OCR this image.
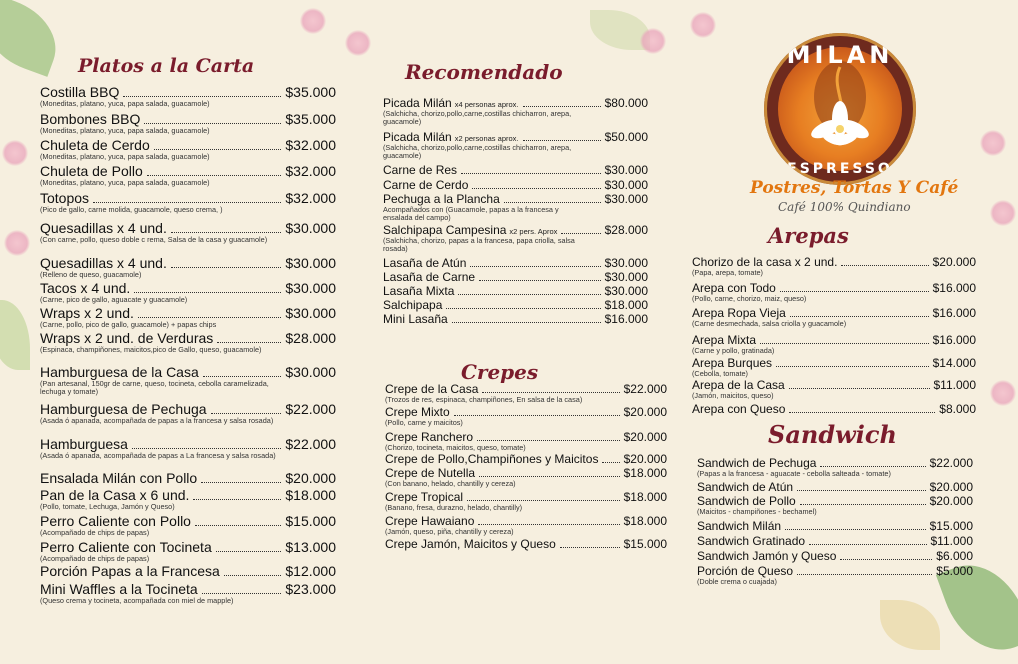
Platos a la Carta
Costilla BBQ	$35.000
(Moneditas, platano, yuca, papa salada, guacamole)
Bombones BBQ	$35.000
(Moneditas, platano, yuca, papa salada, guacamole)
Chuleta de Cerdo	$32.000
(Moneditas, platano, yuca, papa salada, guacamole)
Chuleta de Pollo	$32.000
(Moneditas, platano, yuca, papa salada, guacamole)
Totopos	$32.000
(Pico de gallo, carne molida, guacamole, queso crema, )
Quesadillas x 4 und.	$30.000
(Con carne, pollo, queso doble c rema, Salsa de la casa y guacamole)
Quesadillas x 4 und.	$30.000
(Relleno de queso, guacamole)
Tacos x 4 und.	$30.000
(Carne, pico de gallo, aguacate y guacamole)
Wraps x 2 und.	$30.000
(Carne, pollo, pico de gallo, guacamole) + papas chips
Wraps x 2 und. de Verduras	$28.000
(Espinaca, champiñones, maicitos,pico de Gallo, queso, guacamole)
Hamburguesa de la Casa	$30.000
(Pan artesanal, 150gr de carne, queso, tocineta, cebolla caramelizada, lechuga y tomate)
Hamburguesa de Pechuga	$22.000
(Asada ó apanada, acompañada de papas a la francesa y salsa rosada)
Hamburguesa	$22.000
(Asada ó apanada, acompañada de papas a La francesa y salsa rosada)
Ensalada Milán con Pollo	$20.000
Pan de la Casa x 6 und.	$18.000
(Pollo, tomate, Lechuga, Jamón y Queso)
Perro Caliente con Pollo	$15.000
(Acompañado de chips de papas)
Perro Caliente con Tocineta	$13.000
(Acompañado de chips de papas)
Porción Papas a la Francesa	$12.000
Mini Waffles a la Tocineta	$23.000
(Queso crema y tocineta, acompañada con miel de mapple)
Recomendado
Picada Milán x4 personas aprox.	$80.000
(Salchicha, chorizo,pollo,carne,costillas chicharron, arepa, guacamole)
Picada Milán x2 personas aprox.	$50.000
(Salchicha, chorizo,pollo,carne,costillas chicharron, arepa, guacamole)
Carne de Res	$30.000
Carne de Cerdo	$30.000
Pechuga a la Plancha	$30.000
Acompañados con (Guacamole, papas a la francesa y ensalada del campo)
Salchipapa Campesina x2 pers. Aprox	$28.000
(Salchicha, chorizo, papas a la francesa, papa criolla, salsa rosada)
Lasaña de Atún	$30.000
Lasaña de Carne	$30.000
Lasaña Mixta	$30.000
Salchipapa	$18.000
Mini Lasaña	$16.000
Crepes
Crepe de la Casa	$22.000
(Trozos de res, espinaca, champiñones, En salsa de la casa)
Crepe Mixto	$20.000
(Pollo, carne y maicitos)
Crepe Ranchero	$20.000
(Chorizo, tocineta, maicitos, queso, tomate)
Crepe de Pollo,Champiñones y Maicitos $20.000
Crepe de Nutella	$18.000
(Con banano, helado, chantilly y cereza)
Crepe Tropical	$18.000
(Banano, fresa, durazno, helado, chantilly)
Crepe Hawaiano	$18.000
(Jamón, queso, piña, chantilly y cereza)
Crepe Jamón, Maicitos y Queso	$15.000
MILAN
ESPRESSO
Postres, Tortas Y Café
Café 100% Quindiano
Arepas
Chorizo de la casa x 2 und.	$20.000
(Papa, arepa, tomate)
Arepa con Todo	$16.000
(Pollo, carne, chorizo, maiz, queso)
Arepa Ropa Vieja	$16.000
(Carne desmechada, salsa criolla y guacamole)
Arepa Mixta	$16.000
(Carne y pollo, gratinada)
Arepa Burques	$14.000
(Cebolla, tomate)
Arepa de la Casa	$11.000
(Jamón, maicitos, queso)
Arepa con Queso	$8.000
Sandwich
Sandwich de Pechuga	$22.000
(Papas a la francesa - aguacate - cebolla salteada - tomate)
Sandwich de Atún	$20.000
Sandwich de Pollo	$20.000
(Maicitos - champiñones - bechamel)
Sandwich Milán	$15.000
Sandwich Gratinado	$11.000
Sandwich Jamón y Queso	$6.000
Porción de Queso	$5.000
(Doble crema o cuajada)
